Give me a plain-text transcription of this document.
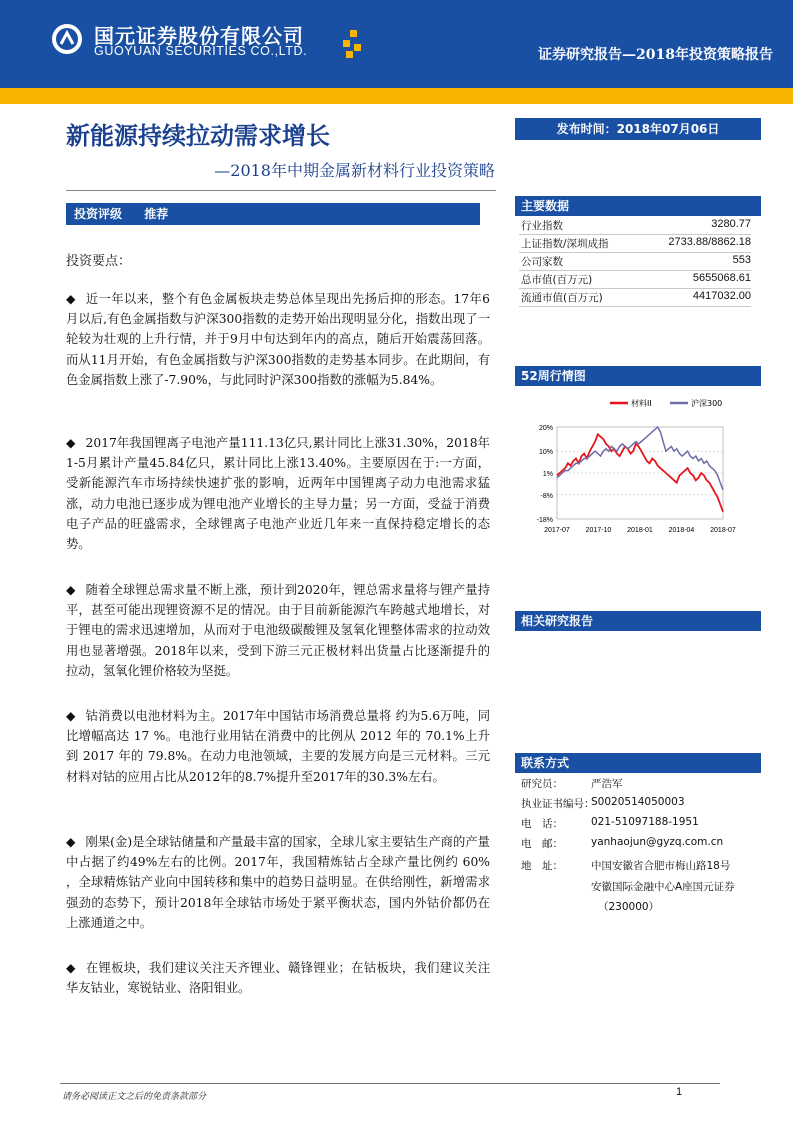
国元证券股份有限公司
GUOYUAN SECURITIES CO.,LTD.	证券研究报告—2018年投资策略报告
新能源持续拉动需求增长
—2018年中期金属新材料行业投资策略
投资评级 推荐
投资要点：
◆ 近一年以来，整个有色金属板块走势总体呈现出先扬后抑的形态。17年6月以后,有色金属指数与沪深300指数的走势开始出现明显分化，指数出现了一轮较为壮观的上升行情，并于9月中旬达到年内的高点，随后开始震荡回落。而从11月开始，有色金属指数与沪深300指数的走势基本同步。在此期间，有色金属指数上涨了-7.90%，与此同时沪深300指数的涨幅为5.84%。
◆ 2017年我国锂离子电池产量111.13亿只,累计同比上涨31.30%，2018年1-5月累计产量45.84亿只，累计同比上涨13.40%。主要原因在于:一方面，受新能源汽车市场持续快速扩张的影响，近两年中国锂离子动力电池需求猛涨，动力电池已逐步成为锂电池产业增长的主导力量；另一方面，受益于消费电子产品的旺盛需求，全球锂离子电池产业近几年来一直保持稳定增长的态势。
◆ 随着全球锂总需求量不断上涨，预计到2020年，锂总需求量将与锂产量持平，甚至可能出现锂资源不足的情况。由于目前新能源汽车跨越式地增长，对于锂电的需求迅速增加，从而对于电池级碳酸锂及氢氧化锂整体需求的拉动效用也显著增强。2018年以来，受到下游三元正极材料出货量占比逐渐提升的拉动，氢氧化锂价格较为坚挺。
◆ 钴消费以电池材料为主。2017年中国钴市场消费总量将 约为5.6万吨，同比增幅高达 17 %。电池行业用钴在消费中的比例从 2012 年的 70.1%上升到 2017 年的 79.8%。在动力电池领域，主要的发展方向是三元材料。三元材料对钴的应用占比从2012年的8.7%提升至2017年的30.3%左右。
◆ 刚果(金)是全球钴储量和产量最丰富的国家，全球儿家主要钴生产商的产量中占据了约49%左右的比例。2017年，我国精炼钴占全球产量比例约 60% ，全球精炼钴产业向中国转移和集中的趋势日益明显。在供给刚性，新增需求强劲的态势下，预计2018年全球钴市场处于紧平衡状态，国内外钴价都仍在上涨通道之中。
◆ 在锂板块，我们建议关注天齐锂业、赣锋锂业；在钴板块，我们建议关注华友钴业，寒锐钴业、洛阳钼业。
发布时间：2018年07月06日
主要数据
行业指数	3280.77
上证指数/深圳成指	2733.88/8862.18
公司家数	553
总市值(百万元)	5655068.61
流通市值(百万元)	4417032.00
52周行情图
20%
10%
1%
-8%
-18%
2017-07 2017-10 2018-01 2018-04 2018-07
材料II	沪深300
相关研究报告
联系方式
研究员：	严浩军
执业证书编号：
S0020514050003
电　话：	021-51097188-1951
电　邮：	yanhaojun@gyzq.com.cn
地　址：	中国安徽省合肥市梅山路18号
安徽国际金融中心A座国元证券
（230000）
请务必阅读正文之后的免责条款部分	1
